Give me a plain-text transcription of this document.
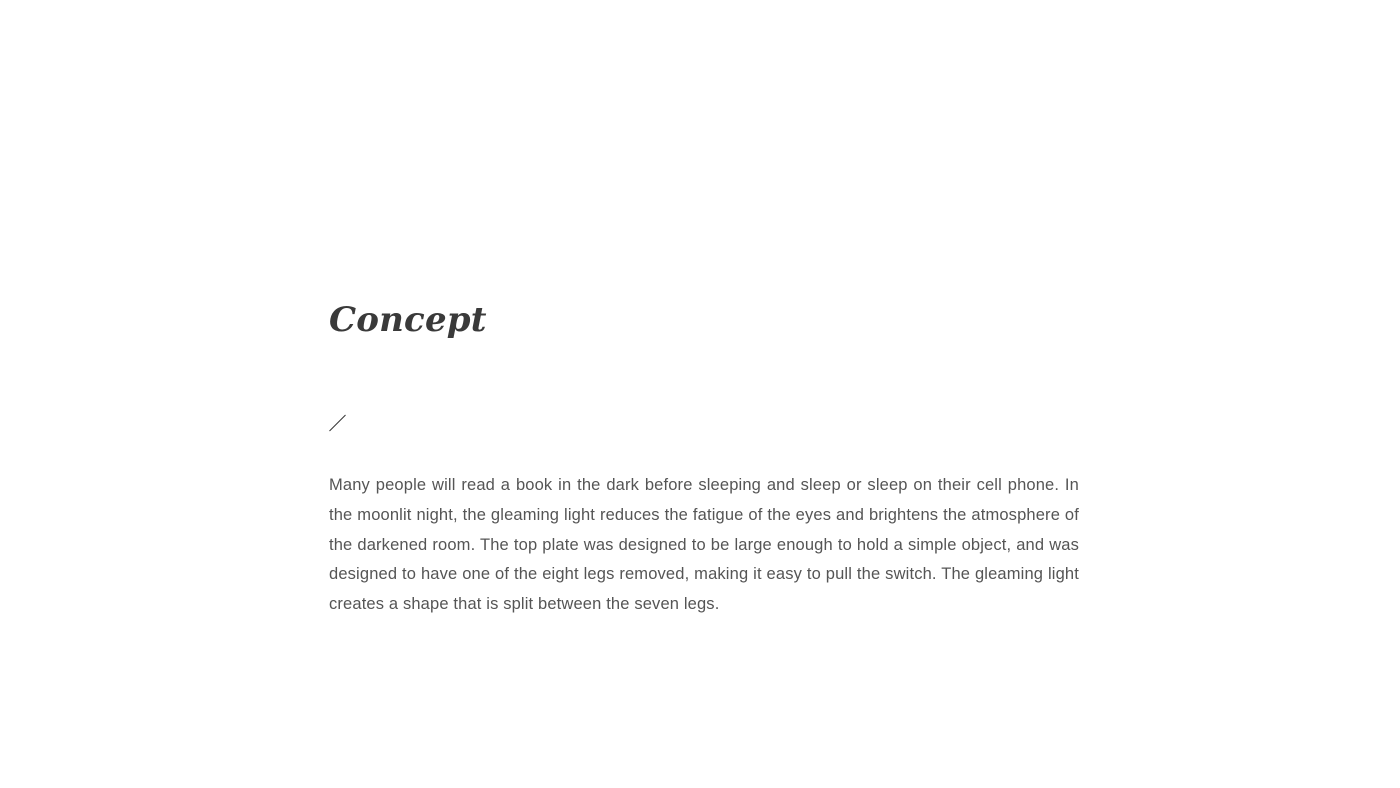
Concept

Many people will read a book in the dark before sleeping and sleep or sleep on their cell phone. In the moonlit night, the gleaming light reduces the fatigue of the eyes and brightens the atmosphere of the darkened room. The top plate was designed to be large enough to hold a simple object, and was designed to have one of the eight legs removed, making it easy to pull the switch. The gleaming light creates a shape that is split between the seven legs.
